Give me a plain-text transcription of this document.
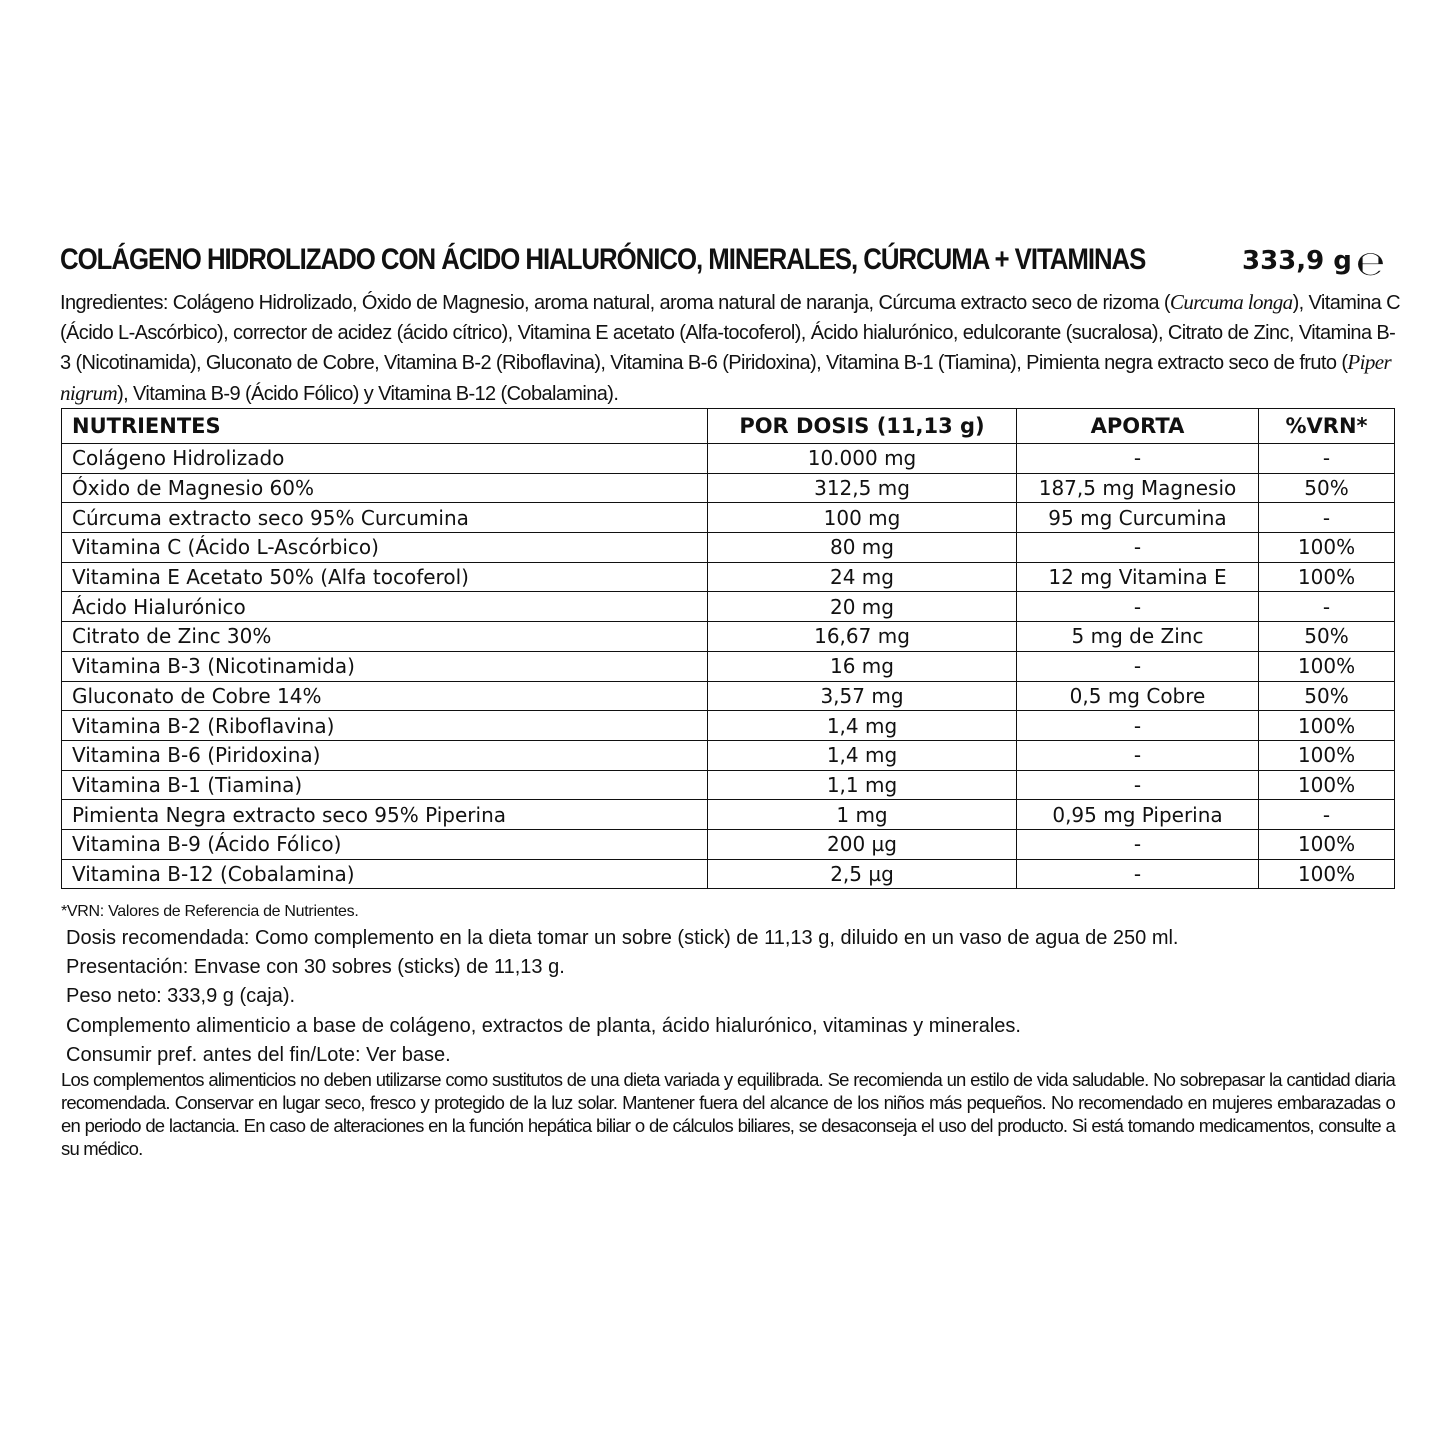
COLÁGENO HIDROLIZADO CON ÁCIDO HIALURÓNICO, MINERALES, CÚRCUMA + VITAMINAS	333,9 g ℮
Ingredientes: Colágeno Hidrolizado, Óxido de Magnesio, aroma natural, aroma natural de naranja, Cúrcuma extracto seco de rizoma (Curcuma longa), Vitamina C (Ácido L-Ascórbico), corrector de acidez (ácido cítrico), Vitamina E acetato (Alfa-tocoferol), Ácido hialurónico, edulcorante (sucralosa), Citrato de Zinc, Vitamina B-3 (Nicotinamida), Gluconato de Cobre, Vitamina B-2 (Riboflavina), Vitamina B-6 (Piridoxina), Vitamina B-1 (Tiamina), Pimienta negra extracto seco de fruto (Piper nigrum), Vitamina B-9 (Ácido Fólico) y Vitamina B-12 (Cobalamina).
NUTRIENTES	POR DOSIS (11,13 g)	APORTA	%VRN*
Colágeno Hidrolizado	10.000 mg	-	-
Óxido de Magnesio 60%	312,5 mg	187,5 mg Magnesio	50%
Cúrcuma extracto seco 95% Curcumina	100 mg	95 mg Curcumina	-
Vitamina C (Ácido L-Ascórbico)	80 mg	-	100%
Vitamina E Acetato 50% (Alfa tocoferol)	24 mg	12 mg Vitamina E	100%
Ácido Hialurónico	20 mg	-	-
Citrato de Zinc 30%	16,67 mg	5 mg de Zinc	50%
Vitamina B-3 (Nicotinamida)	16 mg	-	100%
Gluconato de Cobre 14%	3,57 mg	0,5 mg Cobre	50%
Vitamina B-2 (Riboflavina)	1,4 mg	-	100%
Vitamina B-6 (Piridoxina)	1,4 mg	-	100%
Vitamina B-1 (Tiamina)	1,1 mg	-	100%
Pimienta Negra extracto seco 95% Piperina	1 mg	0,95 mg Piperina	-
Vitamina B-9 (Ácido Fólico)	200 µg	-	100%
Vitamina B-12 (Cobalamina)	2,5 µg	-	100%
*VRN: Valores de Referencia de Nutrientes.
Dosis recomendada: Como complemento en la dieta tomar un sobre (stick) de 11,13 g, diluido en un vaso de agua de 250 ml.
Presentación: Envase con 30 sobres (sticks) de 11,13 g.
Peso neto: 333,9 g (caja).
Complemento alimenticio a base de colágeno, extractos de planta, ácido hialurónico, vitaminas y minerales.
Consumir pref. antes del fin/Lote: Ver base.
Los complementos alimenticios no deben utilizarse como sustitutos de una dieta variada y equilibrada. Se recomienda un estilo de vida saludable. No sobrepasar la cantidad diaria recomendada. Conservar en lugar seco, fresco y protegido de la luz solar. Mantener fuera del alcance de los niños más pequeños. No recomendado en mujeres embarazadas o en periodo de lactancia. En caso de alteraciones en la función hepática biliar o de cálculos biliares, se desaconseja el uso del producto. Si está tomando medicamentos, consulte a su médico.
